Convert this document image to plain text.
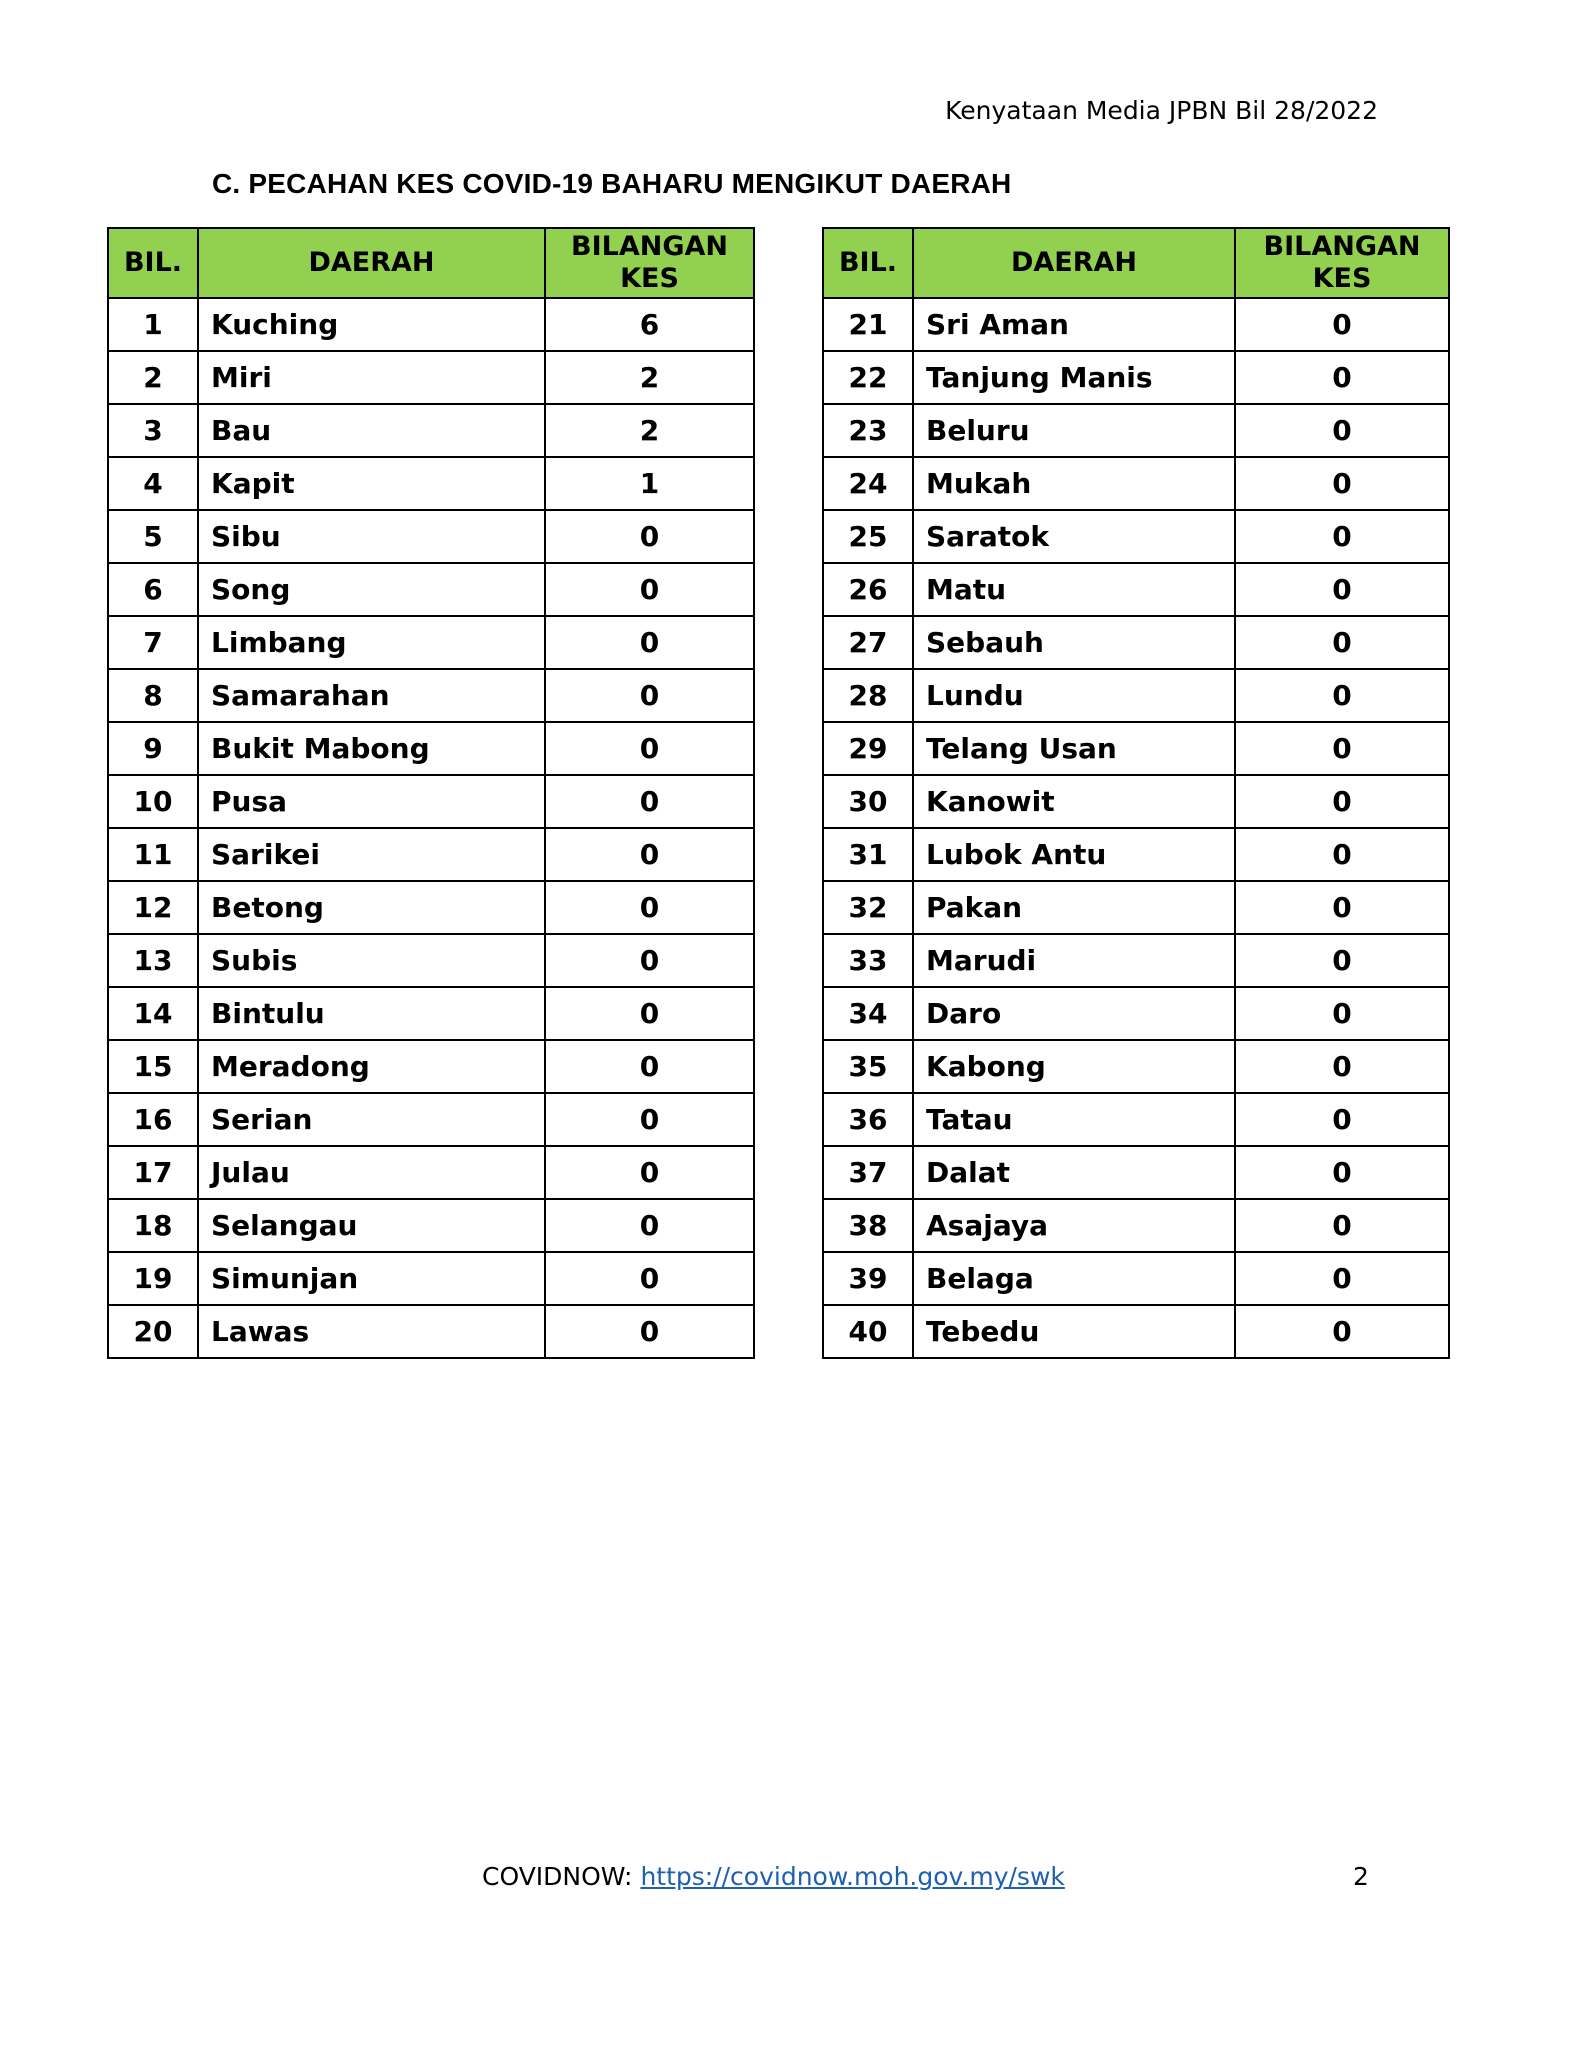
Kenyataan Media JPBN Bil 28/2022
C. PECAHAN KES COVID-19 BAHARU MENGIKUT DAERAH
BIL.	DAERAH	BILANGAN
KES
1	Kuching	6
2	Miri	2
3	Bau	2
4	Kapit	1
5	Sibu	0
6	Song	0
7	Limbang	0
8	Samarahan	0
9	Bukit Mabong	0
10	Pusa	0
11	Sarikei	0
12	Betong	0
13	Subis	0
14	Bintulu	0
15	Meradong	0
16	Serian	0
17	Julau	0
18	Selangau	0
19	Simunjan	0
20	Lawas	0
BIL.	DAERAH	BILANGAN
KES
21	Sri Aman	0
22	Tanjung Manis	0
23	Beluru	0
24	Mukah	0
25	Saratok	0
26	Matu	0
27	Sebauh	0
28	Lundu	0
29	Telang Usan	0
30	Kanowit	0
31	Lubok Antu	0
32	Pakan	0
33	Marudi	0
34	Daro	0
35	Kabong	0
36	Tatau	0
37	Dalat	0
38	Asajaya	0
39	Belaga	0
40	Tebedu	0
COVIDNOW: https://covidnow.moh.gov.my/swk	2
